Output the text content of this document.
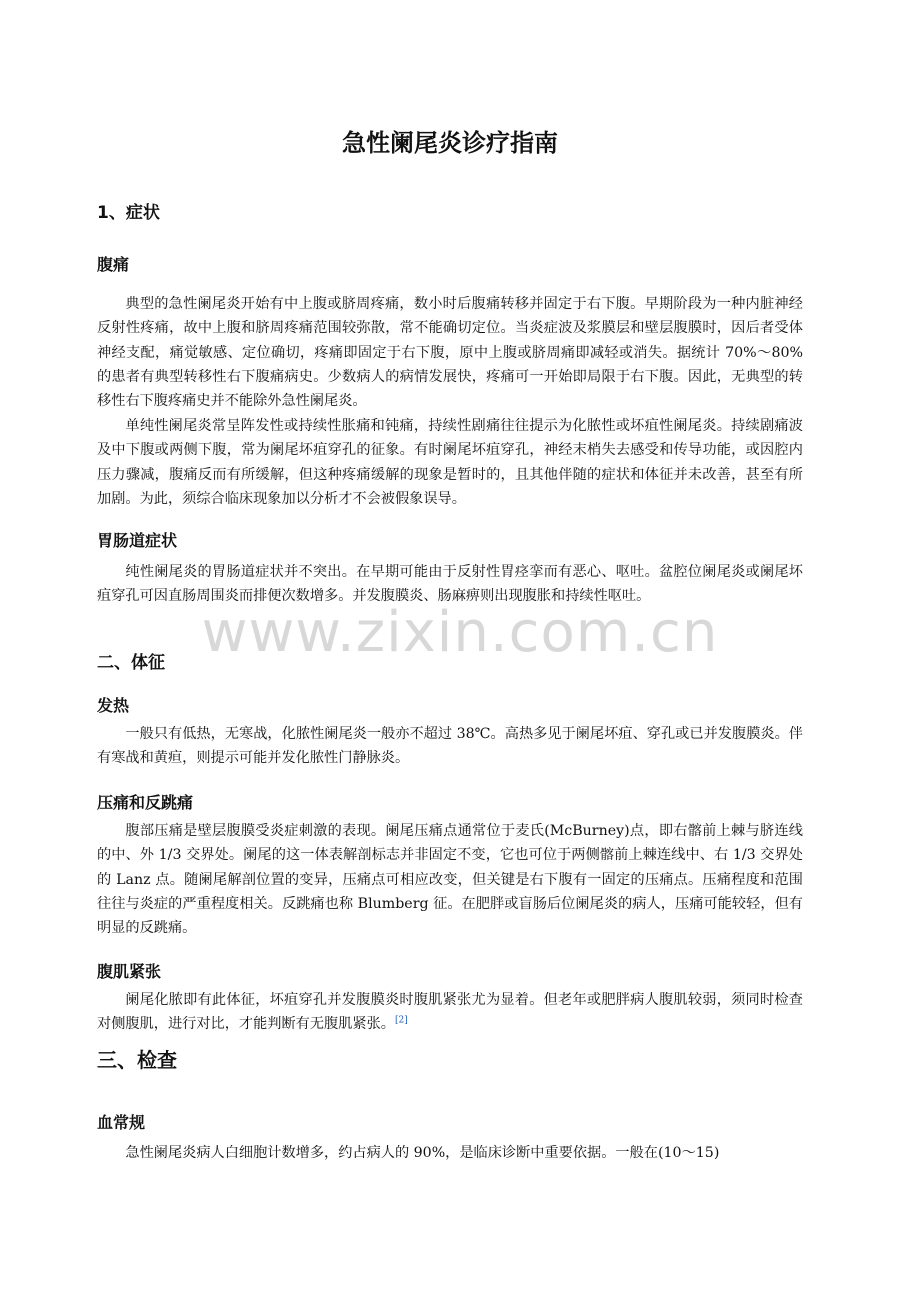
急性阑尾炎诊疗指南
1、症状
腹痛

典型的急性阑尾炎开始有中上腹或脐周疼痛，数小时后腹痛转移并固定于右下腹。早期阶段为一种内脏神经反射性疼痛，故中上腹和脐周疼痛范围较弥散，常不能确切定位。当炎症波及浆膜层和壁层腹膜时，因后者受体神经支配，痛觉敏感、定位确切，疼痛即固定于右下腹，原中上腹或脐周痛即减轻或消失。据统计 70%～80%的患者有典型转移性右下腹痛病史。少数病人的病情发展快，疼痛可一开始即局限于右下腹。因此，无典型的转移性右下腹疼痛史并不能除外急性阑尾炎。

单纯性阑尾炎常呈阵发性或持续性胀痛和钝痛，持续性剧痛往往提示为化脓性或坏疽性阑尾炎。持续剧痛波及中下腹或两侧下腹，常为阑尾坏疽穿孔的征象。有时阑尾坏疽穿孔，神经末梢失去感受和传导功能，或因腔内压力骤减，腹痛反而有所缓解，但这种疼痛缓解的现象是暂时的，且其他伴随的症状和体征并未改善，甚至有所加剧。为此，须综合临床现象加以分析才不会被假象误导。

胃肠道症状

纯性阑尾炎的胃肠道症状并不突出。在早期可能由于反射性胃痉挛而有恶心、呕吐。盆腔位阑尾炎或阑尾坏疽穿孔可因直肠周围炎而排便次数增多。并发腹膜炎、肠麻痹则出现腹胀和持续性呕吐。

二、体征
发热

一般只有低热，无寒战，化脓性阑尾炎一般亦不超过 38℃。高热多见于阑尾坏疽、穿孔或已并发腹膜炎。伴有寒战和黄疸，则提示可能并发化脓性门静脉炎。

压痛和反跳痛

腹部压痛是壁层腹膜受炎症刺激的表现。阑尾压痛点通常位于麦氏(McBurney)点，即右髂前上棘与脐连线的中、外 1/3 交界处。阑尾的这一体表解剖标志并非固定不变，它也可位于两侧髂前上棘连线中、右 1/3 交界处的 Lanz 点。随阑尾解剖位置的变异，压痛点可相应改变，但关键是右下腹有一固定的压痛点。压痛程度和范围往往与炎症的严重程度相关。反跳痛也称 Blumberg 征。在肥胖或盲肠后位阑尾炎的病人，压痛可能较轻，但有明显的反跳痛。

腹肌紧张

阑尾化脓即有此体征，坏疽穿孔并发腹膜炎时腹肌紧张尤为显着。但老年或肥胖病人腹肌较弱，须同时检查对侧腹肌，进行对比，才能判断有无腹肌紧张。[2]

三、检查
血常规

急性阑尾炎病人白细胞计数增多，约占病人的 90%，是临床诊断中重要依据。一般在(10～15)

www.zixin.com.cn
